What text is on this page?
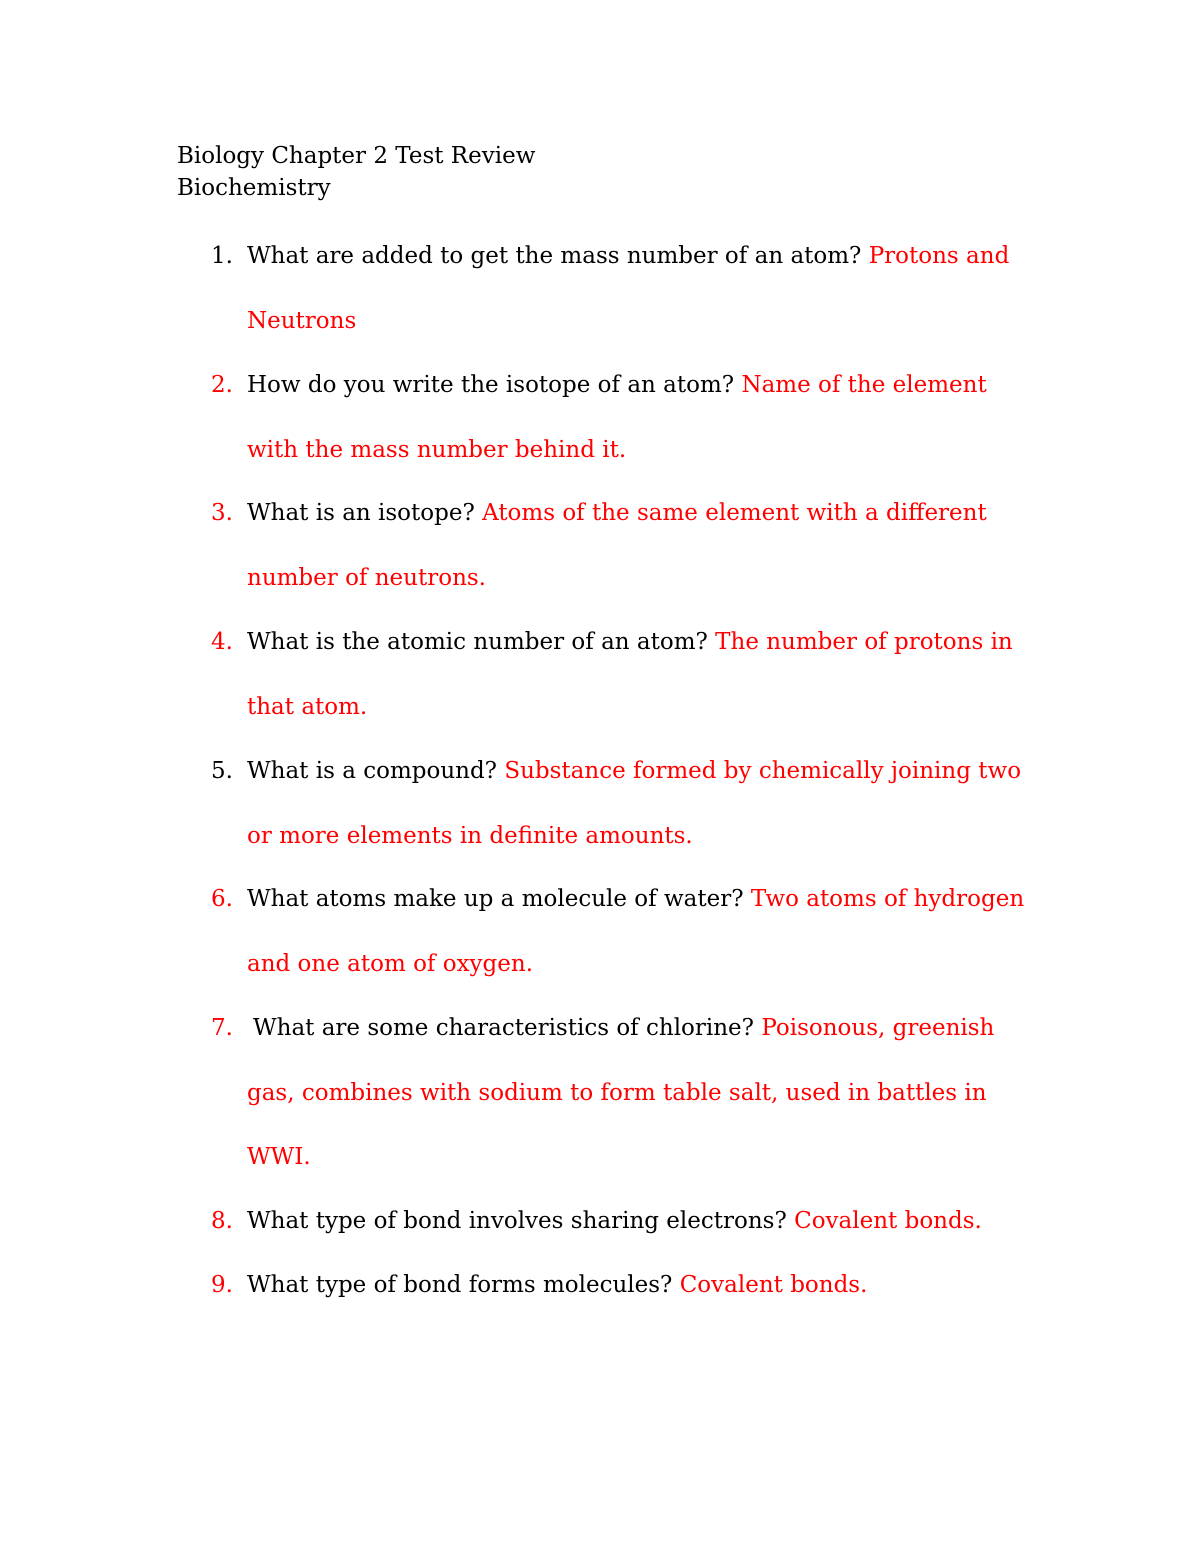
Biology Chapter 2 Test Review
Biochemistry
1. What are added to get the mass number of an atom? Protons and Neutrons
2. How do you write the isotope of an atom? Name of the element with the mass number behind it.
3. What is an isotope? Atoms of the same element with a different number of neutrons.
4. What is the atomic number of an atom? The number of protons in that atom.
5. What is a compound? Substance formed by chemically joining two or more elements in definite amounts.
6. What atoms make up a molecule of water? Two atoms of hydrogen and one atom of oxygen.
7. What are some characteristics of chlorine? Poisonous, greenish gas, combines with sodium to form table salt, used in battles in WWI.
8. What type of bond involves sharing electrons? Covalent bonds.
9. What type of bond forms molecules? Covalent bonds.
